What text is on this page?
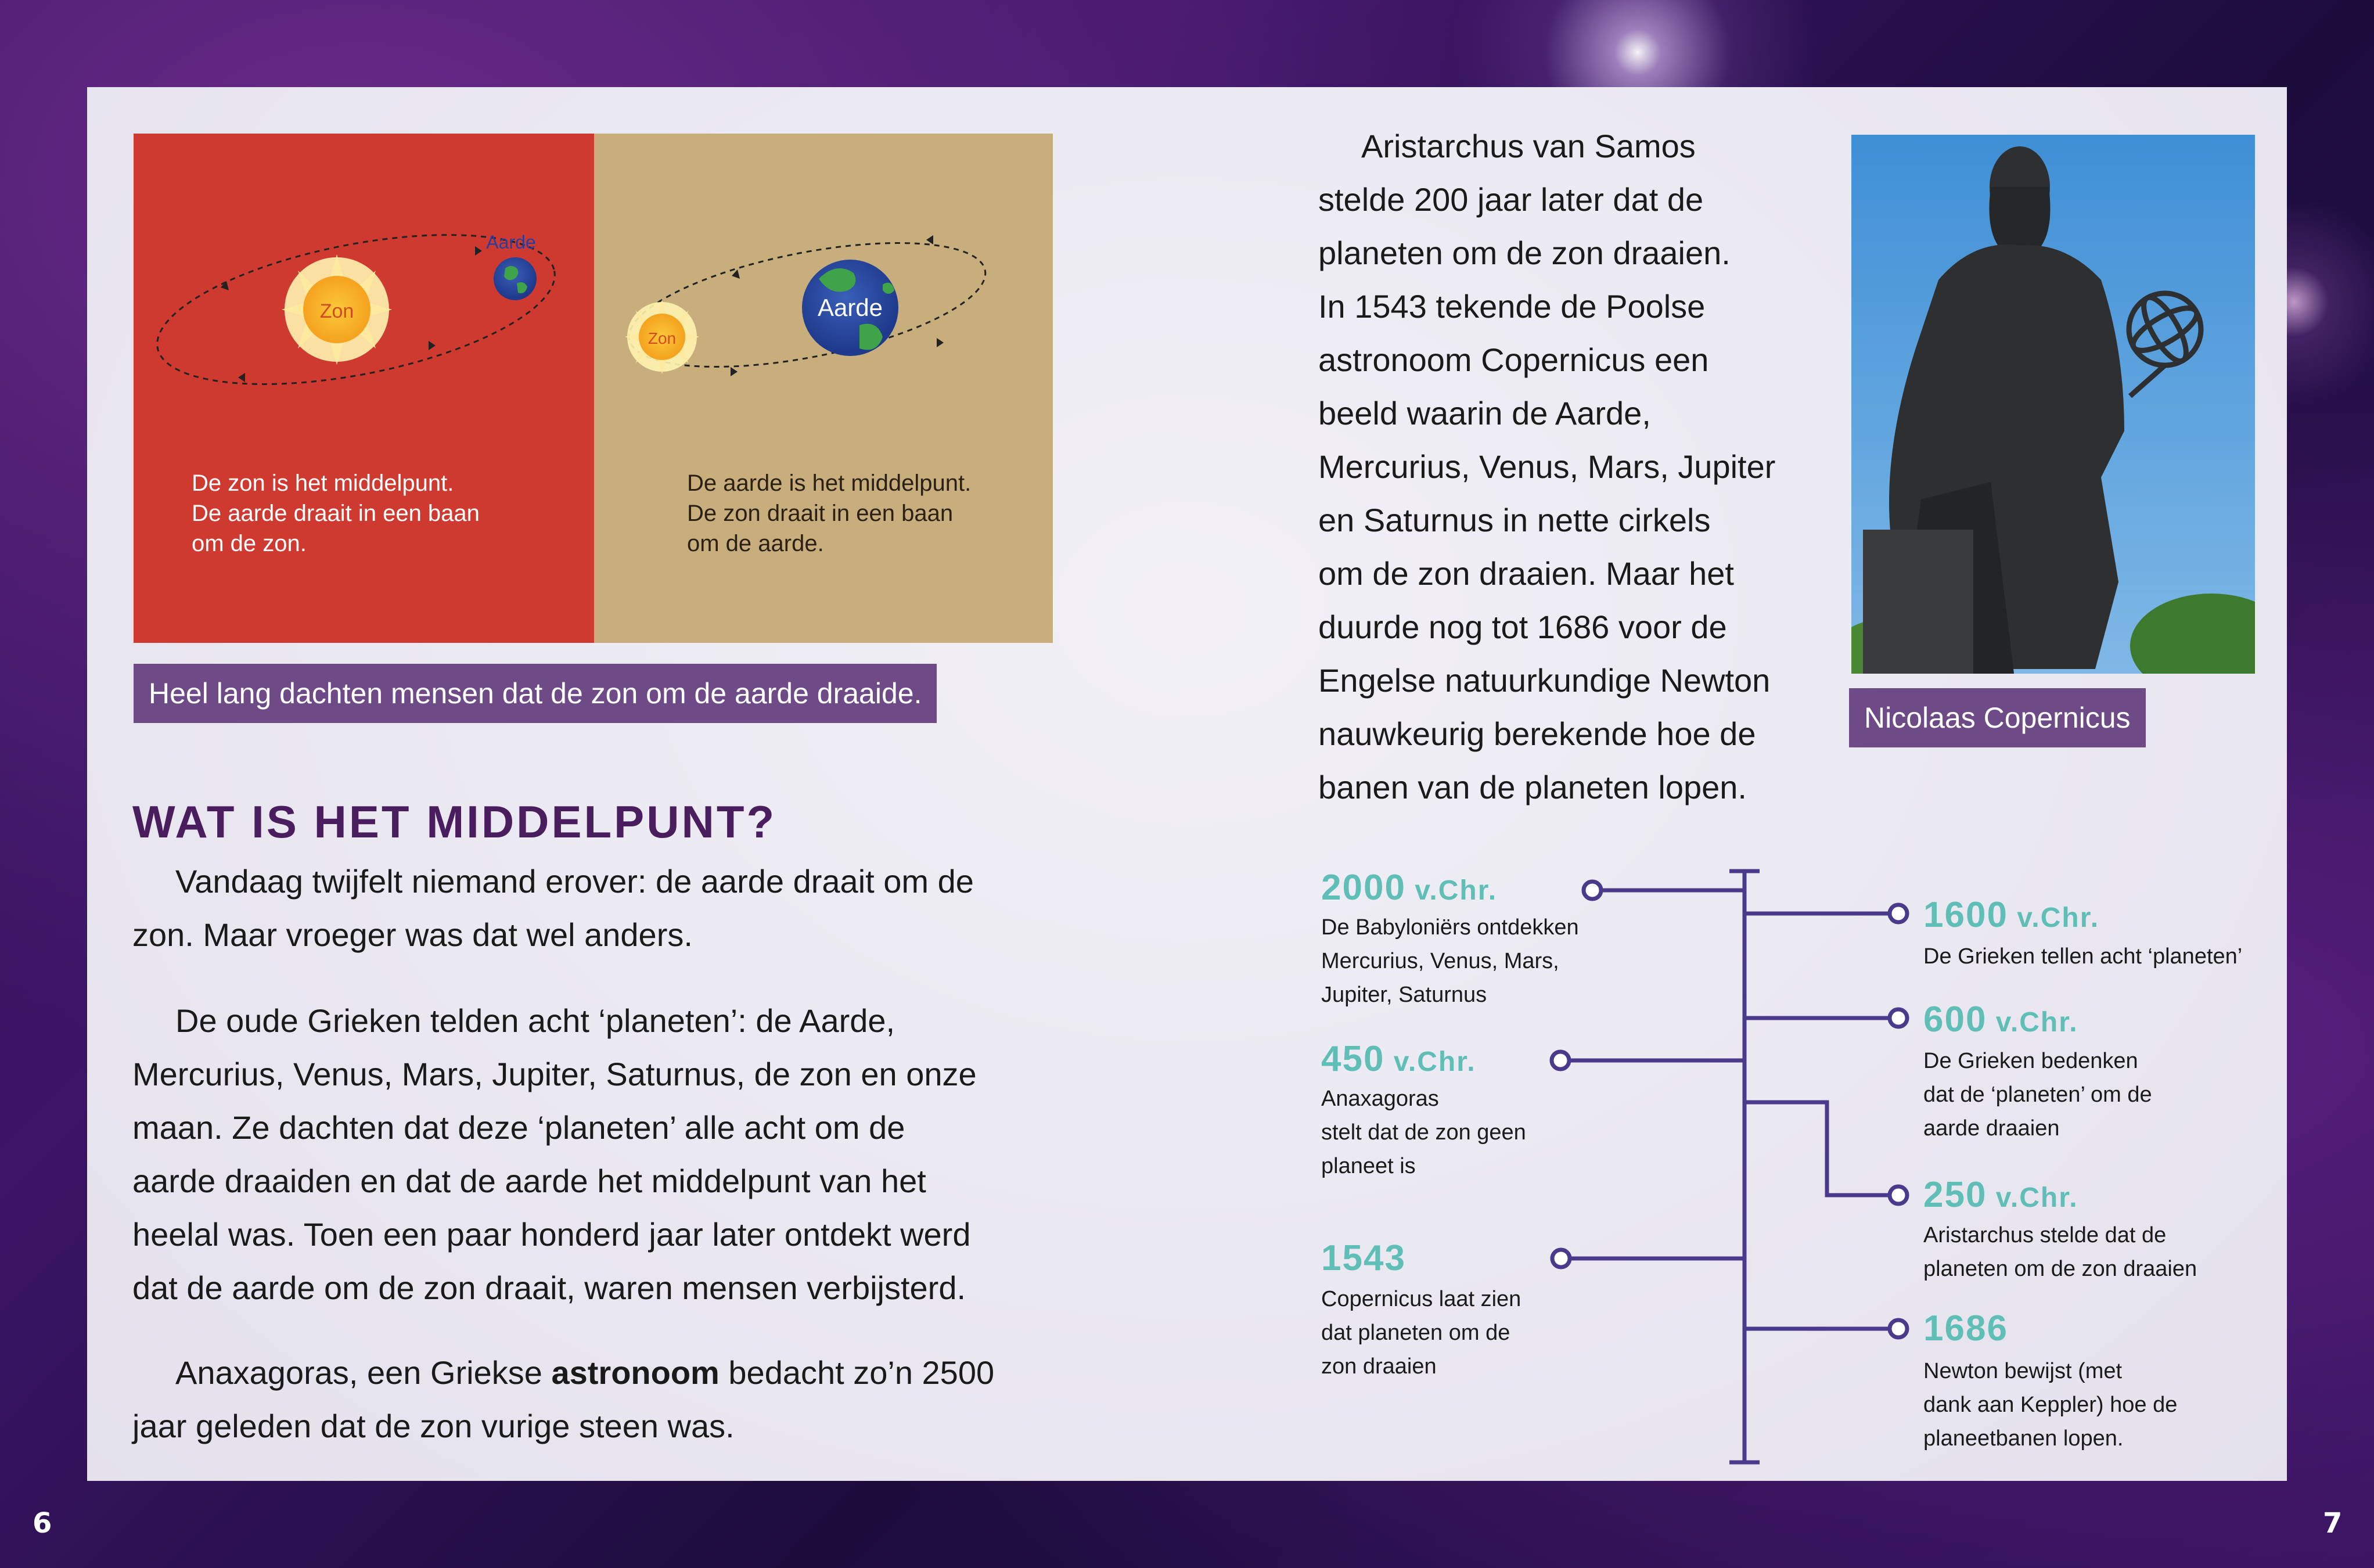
6	7
Zon
Aarde
Zon
Aarde
De zon is het middelpunt.
De aarde draait in een baan
om de zon.
De aarde is het middelpunt.
De zon draait in een baan
om de aarde.
Heel lang dachten mensen dat de zon om de aarde draaide.
WAT IS HET MIDDELPUNT?

Vandaag twijfelt niemand erover: de aarde draait om de
zon. Maar vroeger was dat wel anders.

De oude Grieken telden acht ‘planeten’: de Aarde,
Mercurius, Venus, Mars, Jupiter, Saturnus, de zon en onze
maan. Ze dachten dat deze ‘planeten’ alle acht om de
aarde draaiden en dat de aarde het middelpunt van het
heelal was. Toen een paar honderd jaar later ontdekt werd
dat de aarde om de zon draait, waren mensen verbijsterd.

Anaxagoras, een Griekse astronoom bedacht zo’n 2500
jaar geleden dat de zon vurige steen was.

Aristarchus van Samos
stelde 200 jaar later dat de
planeten om de zon draaien.
In 1543 tekende de Poolse
astronoom Copernicus een
beeld waarin de Aarde,
Mercurius, Venus, Mars, Jupiter
en Saturnus in nette cirkels
om de zon draaien. Maar het
duurde nog tot 1686 voor de
Engelse natuurkundige Newton
nauwkeurig berekende hoe de
banen van de planeten lopen.

Nicolaas Copernicus
2000 v.Chr.
De Babyloniërs ontdekken
Mercurius, Venus, Mars,
Jupiter, Saturnus
450 v.Chr.
Anaxagoras
stelt dat de zon geen
planeet is
1543
Copernicus laat zien
dat planeten om de
zon draaien
1600 v.Chr.
De Grieken tellen acht ‘planeten’
600 v.Chr.
De Grieken bedenken
dat de ‘planeten’ om de
aarde draaien
250 v.Chr.
Aristarchus stelde dat de
planeten om de zon draaien
1686
Newton bewijst (met
dank aan Keppler) hoe de
planeetbanen lopen.
